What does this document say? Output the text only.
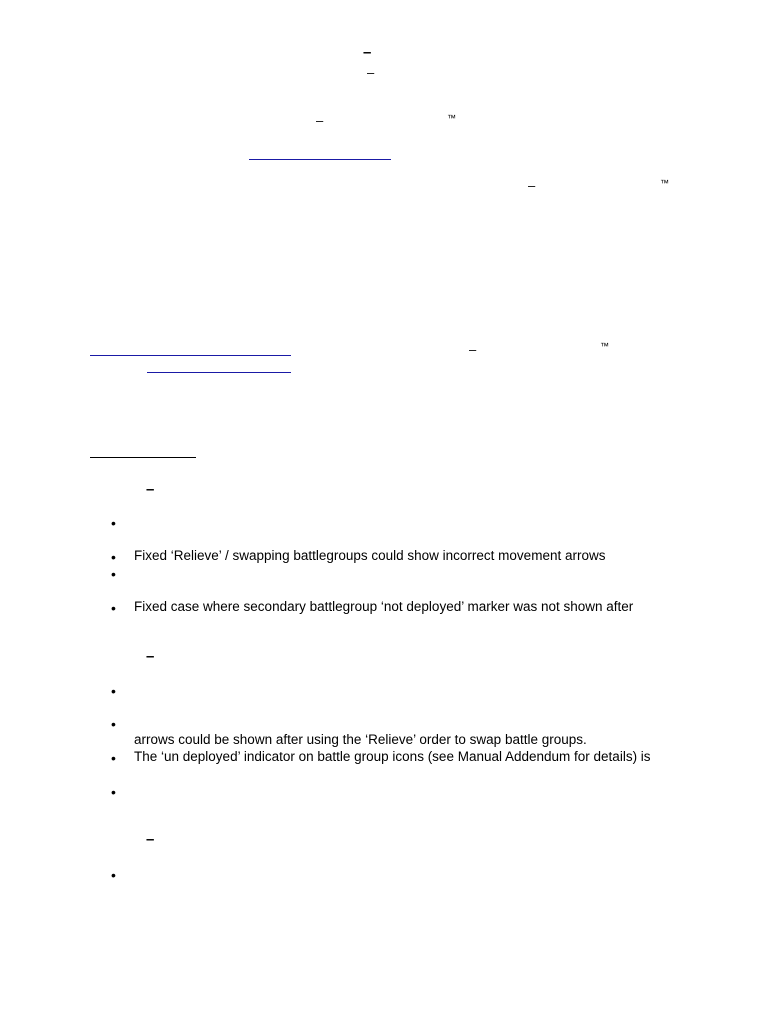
–
–
–	™
–	™
–	™
–
•
• Fixed ‘Relieve’ / swapping battlegroups could show incorrect movement arrows
•
• Fixed case where secondary battlegroup ‘not deployed’ marker was not shown after
–
•
•
arrows could be shown after using the ‘Relieve’ order to swap battle groups.
• The ‘un deployed’ indicator on battle group icons (see Manual Addendum for details) is
•
–
•
